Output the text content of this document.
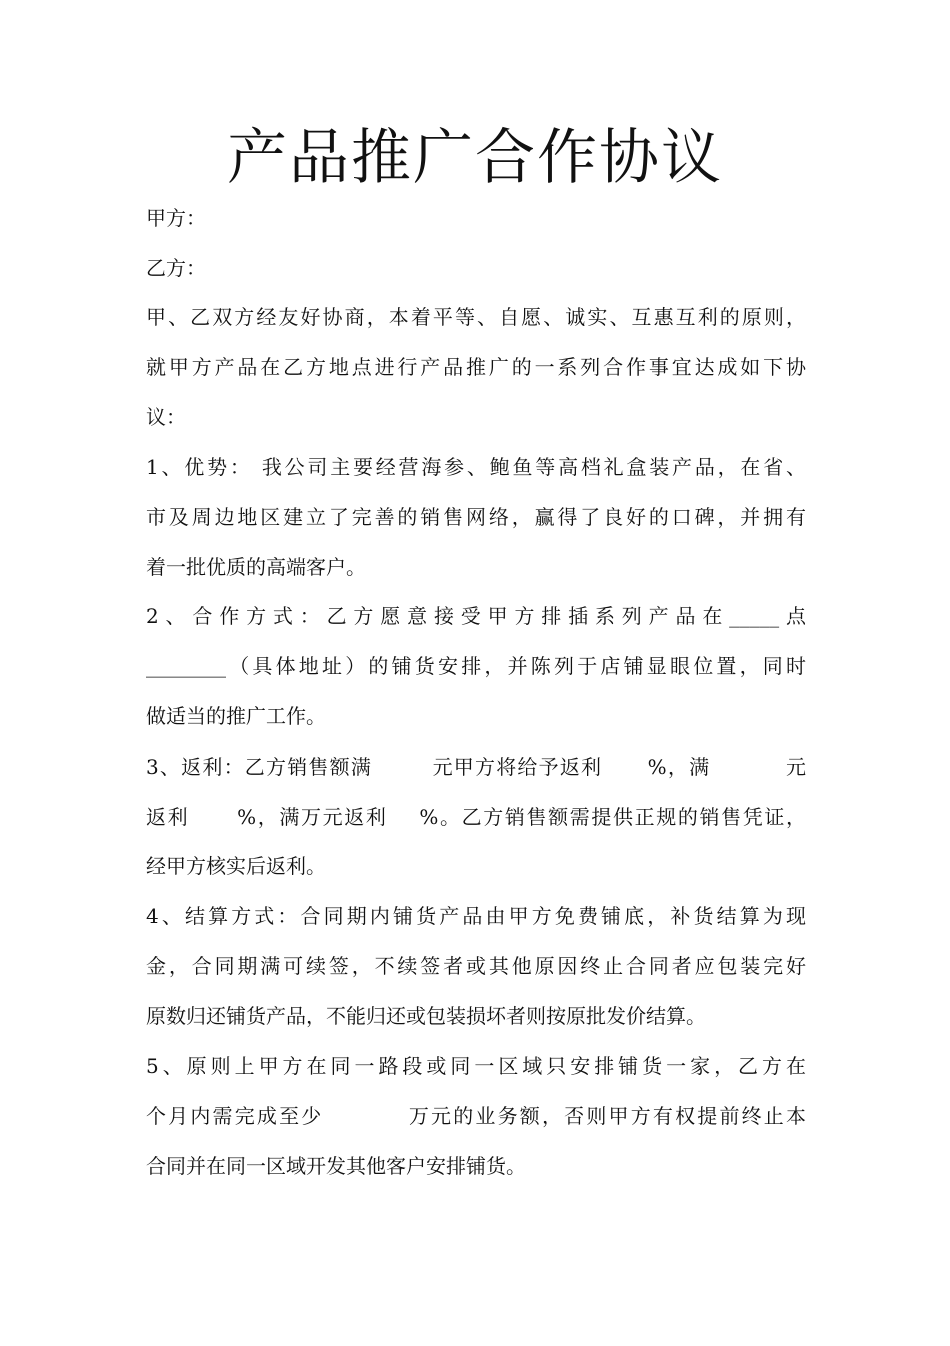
产品推广合作协议

甲方：

乙方：

甲、乙双方经友好协商，本着平等、自愿、诚实、互惠互利的原则，

就甲方产品在乙方地点进行产品推广的一系列合作事宜达成如下协

议：

1、优势： 我公司主要经营海参、鲍鱼等高档礼盒装产品，在省、

市及周边地区建立了完善的销售网络，赢得了良好的口碑，并拥有

着一批优质的高端客户。

2、合作方式：乙方愿意接受甲方排插系列产品在_____点

________（具体地址）的铺货安排，并陈列于店铺显眼位置，同时

做适当的推广工作。

3、返利：乙方销售额满        元甲方将给予返利      %，满          元

返利      %，满万元返利    %。乙方销售额需提供正规的销售凭证，

经甲方核实后返利。

4、结算方式：合同期内铺货产品由甲方免费铺底，补货结算为现

金，合同期满可续签，不续签者或其他原因终止合同者应包装完好

原数归还铺货产品，不能归还或包装损坏者则按原批发价结算。

5、原则上甲方在同一路段或同一区域只安排铺货一家，乙方在

个月内需完成至少          万元的业务额，否则甲方有权提前终止本

合同并在同一区域开发其他客户安排铺货。
